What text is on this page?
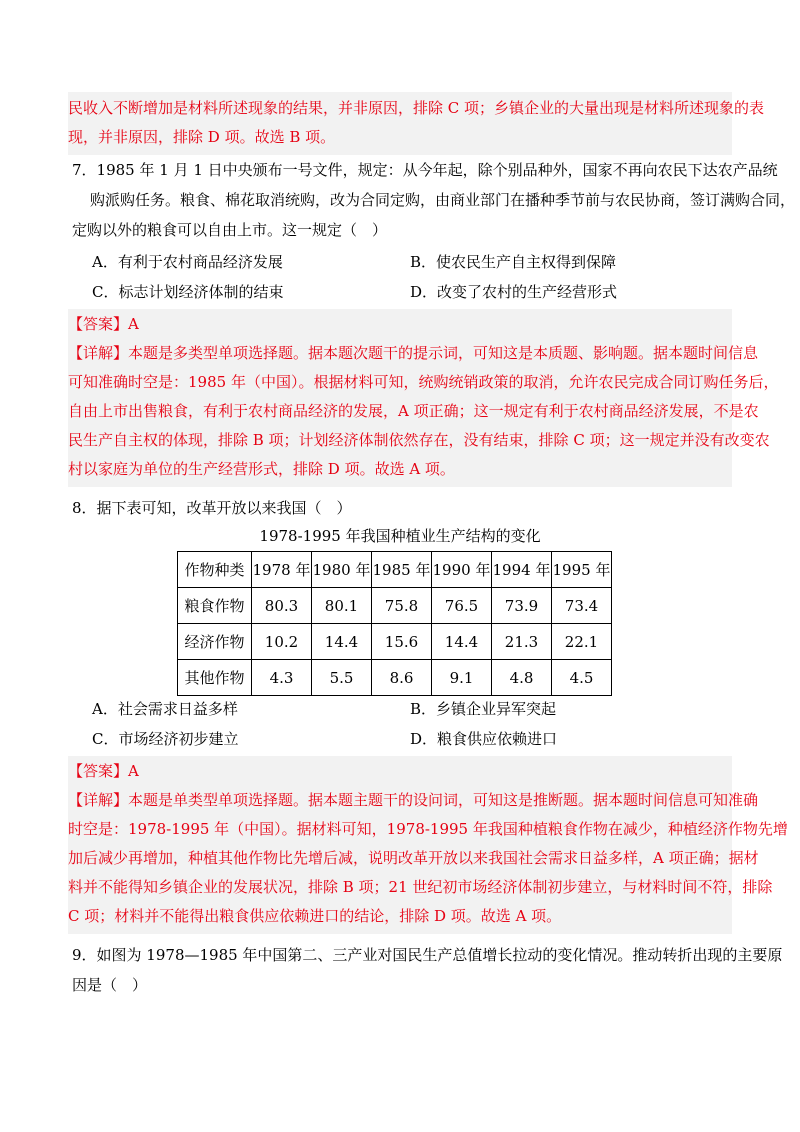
民收入不断增加是材料所述现象的结果，并非原因，排除 C 项；乡镇企业的大量出现是材料所述现象的表
现，并非原因，排除 D 项。故选 B 项。
7．1985 年 1 月 1 日中央颁布一号文件，规定：从今年起，除个别品种外，国家不再向农民下达农产品统
购派购任务。粮食、棉花取消统购，改为合同定购，由商业部门在播种季节前与农民协商，签订满购合同，
定购以外的粮食可以自由上市。这一规定（　）
A．有利于农村商品经济发展	B．使农民生产自主权得到保障
C．标志计划经济体制的结束	D．改变了农村的生产经营形式
【答案】A
【详解】本题是多类型单项选择题。据本题次题干的提示词，可知这是本质题、影响题。据本题时间信息
可知准确时空是：1985 年（中国）。根据材料可知，统购统销政策的取消，允许农民完成合同订购任务后，
自由上市出售粮食，有利于农村商品经济的发展，A 项正确；这一规定有利于农村商品经济发展，不是农
民生产自主权的体现，排除 B 项；计划经济体制依然存在，没有结束，排除 C 项；这一规定并没有改变农
村以家庭为单位的生产经营形式，排除 D 项。故选 A 项。
8．据下表可知，改革开放以来我国（　）
1978-1995 年我国种植业生产结构的变化
作物种类	1978 年	1980 年	1985 年	1990 年	1994 年	1995 年
粮食作物	80.3	80.1	75.8	76.5	73.9	73.4
经济作物	10.2	14.4	15.6	14.4	21.3	22.1
其他作物	4.3	5.5	8.6	9.1	4.8	4.5
A．社会需求日益多样	B．乡镇企业异军突起
C．市场经济初步建立	D．粮食供应依赖进口
【答案】A
【详解】本题是单类型单项选择题。据本题主题干的设问词，可知这是推断题。据本题时间信息可知准确
时空是：1978-1995 年（中国）。据材料可知，1978-1995 年我国种植粮食作物在减少，种植经济作物先增
加后减少再增加，种植其他作物比先增后减，说明改革开放以来我国社会需求日益多样，A 项正确；据材
料并不能得知乡镇企业的发展状况，排除 B 项；21 世纪初市场经济体制初步建立，与材料时间不符，排除
C 项；材料并不能得出粮食供应依赖进口的结论，排除 D 项。故选 A 项。
9．如图为 1978—1985 年中国第二、三产业对国民生产总值增长拉动的变化情况。推动转折出现的主要原
因是（　）
